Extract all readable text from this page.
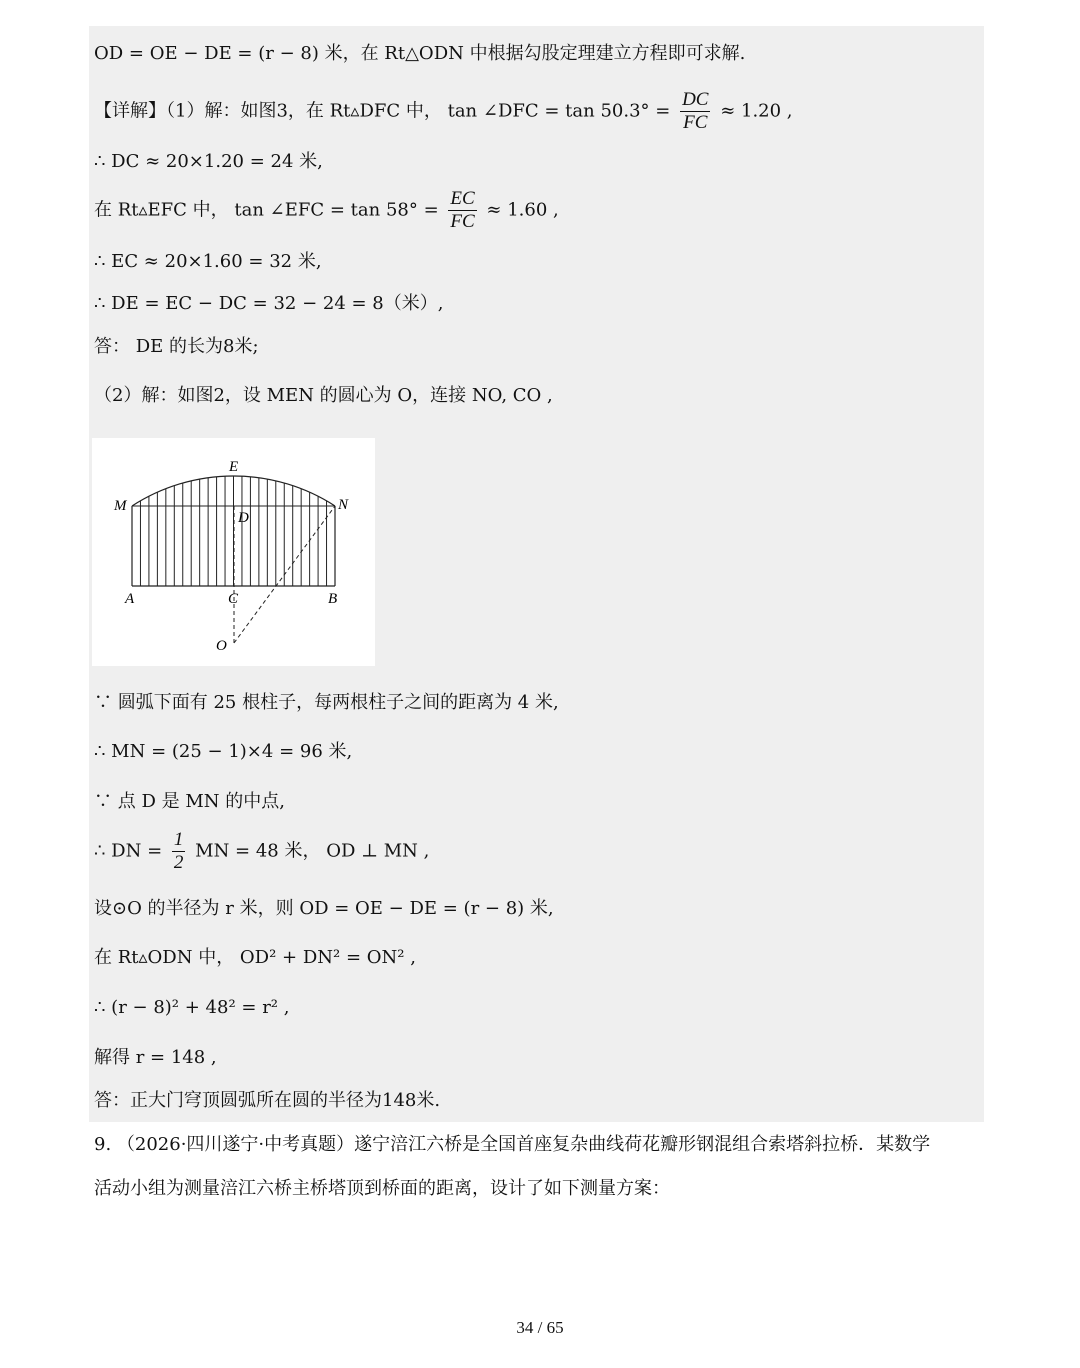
OD = OE − DE = (r − 8) 米，在 Rt△ODN 中根据勾股定理建立方程即可求解.
【详解】（1）解：如图3，在 Rt▵DFC 中， tan ∠DFC = $\tan 50.3^\circ = \frac{DC}{FC} \approx 1.20$ ,
∴ DC ≈ 20×1.20 = 24 米,
在 Rt▵EFC 中， tan ∠EFC = $\tan 58^\circ = \frac{EC}{FC} \approx 1.60$ ,
∴ EC ≈ 20×1.60 = 32 米,
∴ DE = EC − DC = 32 − 24 = 8（米）,
答： DE 的长为8米;
（2）解：如图2，设 MEN 的圆心为 O，连接 NO, CO ,
E
M	N
D
A	C	B
O
∵ 圆弧下面有 25 根柱子，每两根柱子之间的距离为 4 米,
∴ MN = (25 − 1)×4 = 96 米,
∵ 点 D 是 MN 的中点,
∴ DN = $\frac{1}{2}$ MN = 48 米， OD ⊥ MN ,
设⊙O 的半径为 r 米，则 OD = OE − DE = (r − 8) 米,
在 Rt▵ODN 中， OD² + DN² = ON² ,
∴ (r − 8)² + 48² = r² ,
解得 r = 148 ,
答：正大门穹顶圆弧所在圆的半径为148米.
9. （2026·四川遂宁·中考真题）遂宁涪江六桥是全国首座复杂曲线荷花瓣形钢混组合索塔斜拉桥．某数学
活动小组为测量涪江六桥主桥塔顶到桥面的距离，设计了如下测量方案：
34 / 65
